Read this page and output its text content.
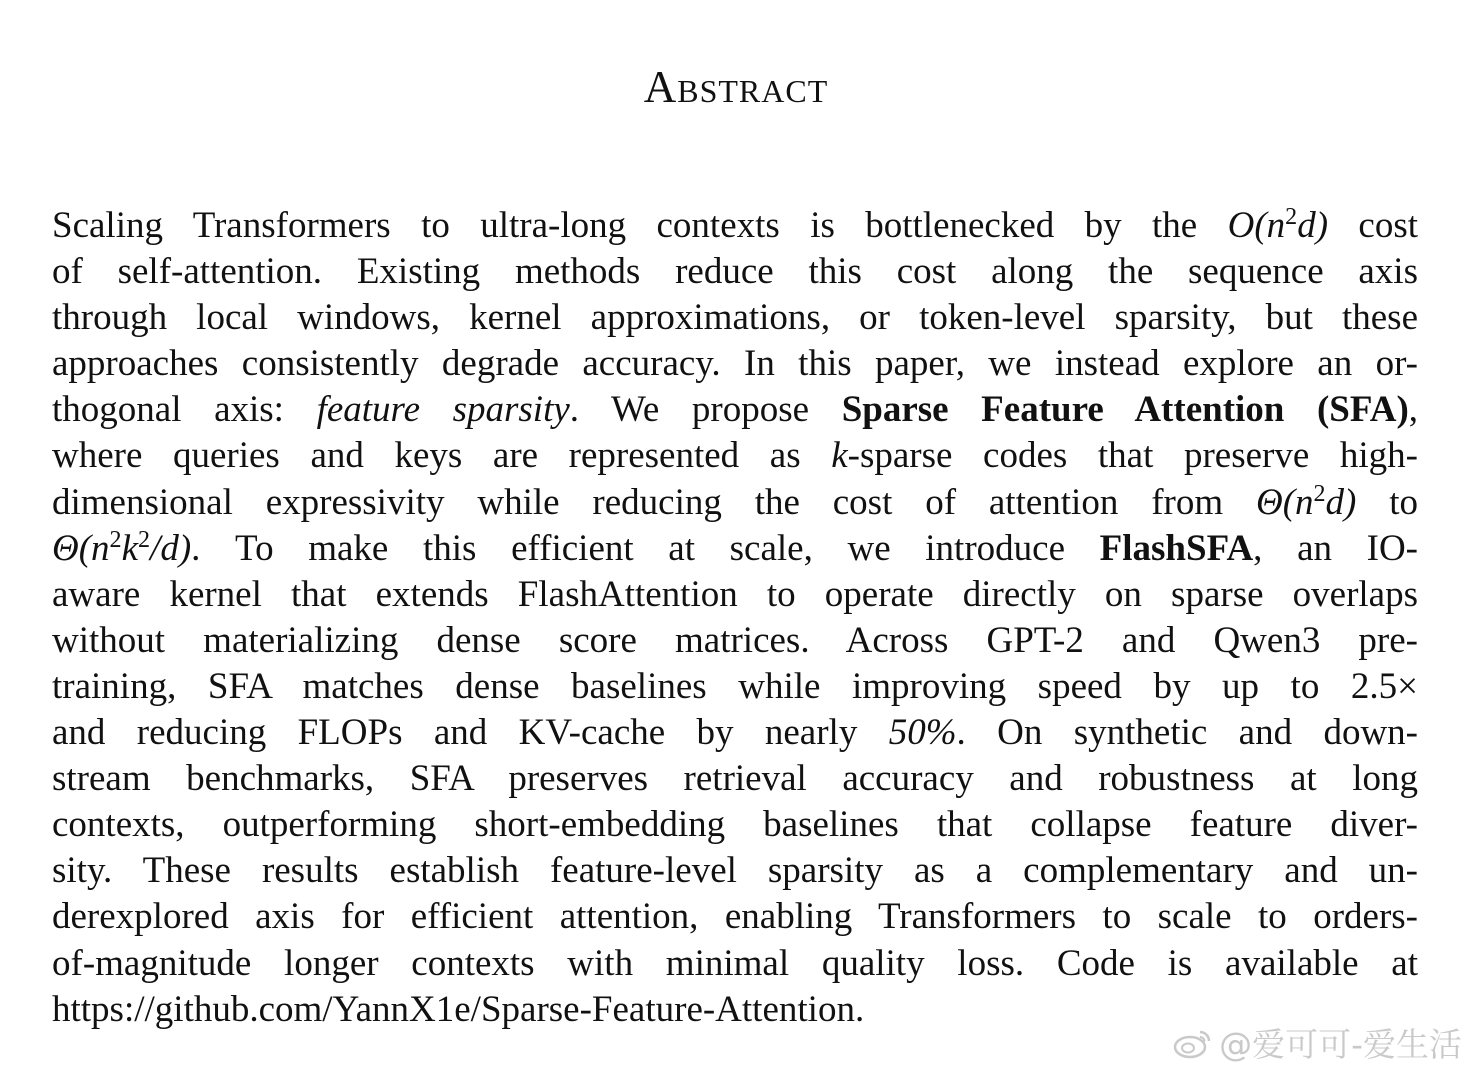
Abstract
Scaling Transformers to ultra-long contexts is bottlenecked by the $O(n^2d)$ cost
of self-attention. Existing methods reduce this cost along the sequence axis
through local windows, kernel approximations, or token-level sparsity, but these
approaches consistently degrade accuracy. In this paper, we instead explore an or-
thogonal axis: feature sparsity. We propose Sparse Feature Attention (SFA),
where queries and keys are represented as k-sparse codes that preserve high-
dimensional expressivity while reducing the cost of attention from $\Theta(n^2d)$ to
$\Theta(n^2k^2/d)$. To make this efficient at scale, we introduce FlashSFA, an IO-
aware kernel that extends FlashAttention to operate directly on sparse overlaps
without materializing dense score matrices. Across GPT-2 and Qwen3 pre-
training, SFA matches dense baselines while improving speed by up to 2.5×
and reducing FLOPs and KV-cache by nearly 50%. On synthetic and down-
stream benchmarks, SFA preserves retrieval accuracy and robustness at long
contexts, outperforming short-embedding baselines that collapse feature diver-
sity. These results establish feature-level sparsity as a complementary and un-
derexplored axis for efficient attention, enabling Transformers to scale to orders-
of-magnitude longer contexts with minimal quality loss. Code is available at
https://github.com/YannX1e/Sparse-Feature-Attention.
@爱可可-爱生活
